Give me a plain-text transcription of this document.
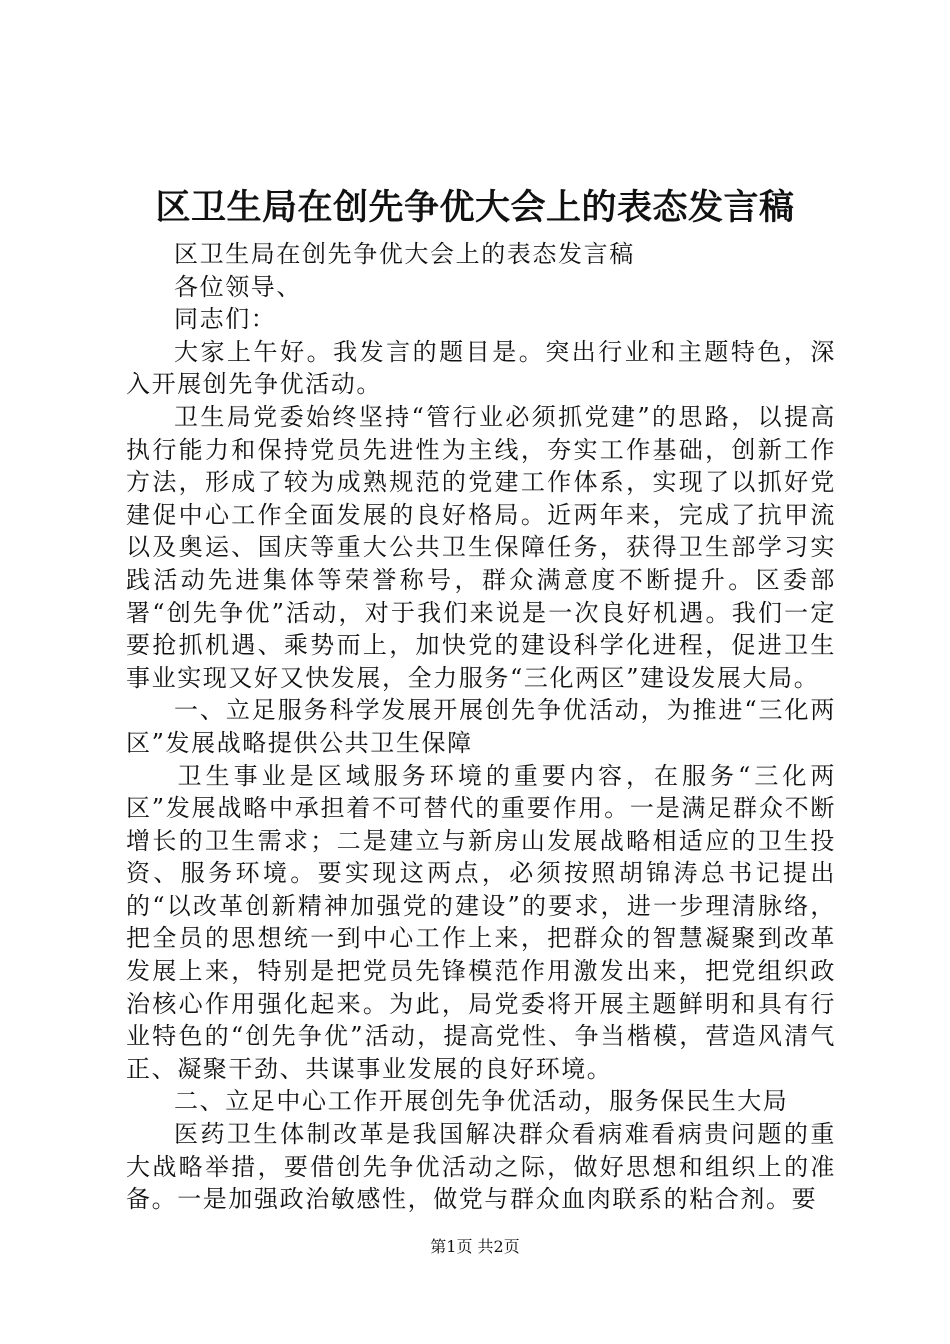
区卫生局在创先争优大会上的表态发言稿

区卫生局在创先争优大会上的表态发言稿

各位领导、

同志们：

大家上午好。我发言的题目是。突出行业和主题特色，深入开展创先争优活动。

卫生局党委始终坚持“管行业必须抓党建”的思路，以提高执行能力和保持党员先进性为主线，夯实工作基础，创新工作方法，形成了较为成熟规范的党建工作体系，实现了以抓好党建促中心工作全面发展的良好格局。近两年来，完成了抗甲流以及奥运、国庆等重大公共卫生保障任务，获得卫生部学习实践活动先进集体等荣誉称号，群众满意度不断提升。区委部署“创先争优”活动，对于我们来说是一次良好机遇。我们一定要抢抓机遇、乘势而上，加快党的建设科学化进程，促进卫生事业实现又好又快发展，全力服务“三化两区”建设发展大局。

一、立足服务科学发展开展创先争优活动，为推进“三化两区”发展战略提供公共卫生保障

卫生事业是区域服务环境的重要内容，在服务“三化两区”发展战略中承担着不可替代的重要作用。一是满足群众不断增长的卫生需求；二是建立与新房山发展战略相适应的卫生投资、服务环境。要实现这两点，必须按照胡锦涛总书记提出的“以改革创新精神加强党的建设”的要求，进一步理清脉络，把全员的思想统一到中心工作上来，把群众的智慧凝聚到改革发展上来，特别是把党员先锋模范作用激发出来，把党组织政治核心作用强化起来。为此，局党委将开展主题鲜明和具有行业特色的“创先争优”活动，提高党性、争当楷模，营造风清气正、凝聚干劲、共谋事业发展的良好环境。

二、立足中心工作开展创先争优活动，服务保民生大局

医药卫生体制改革是我国解决群众看病难看病贵问题的重大战略举措，要借创先争优活动之际，做好思想和组织上的准备。一是加强政治敏感性，做党与群众血肉联系的粘合剂。要

第1页 共2页
